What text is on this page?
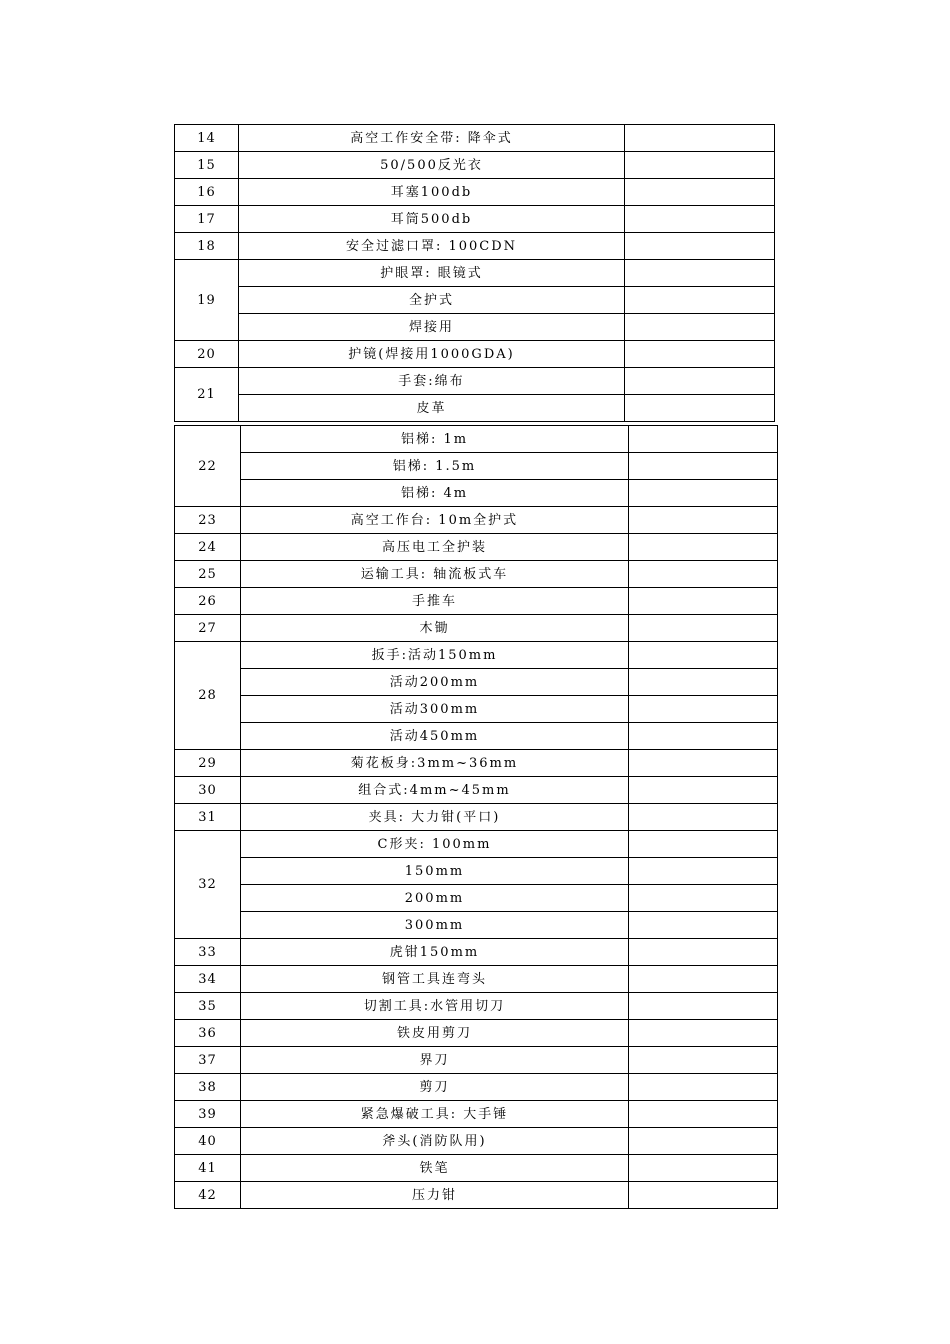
14	高空工作安全带: 降伞式	
15	50/500反光衣	
16	耳塞100db	
17	耳筒500db	
18	安全过滤口罩: 100CDN	
19	护眼罩: 眼镜式	
	全护式	
	焊接用	
20	护镜(焊接用1000GDA)	
21	手套:绵布	
	皮革	
22	铝梯: 1m	
	铝梯: 1.5m	
	铝梯: 4m	
23	高空工作台: 10m全护式	
24	高压电工全护装	
25	运输工具: 轴流板式车	
26	手推车	
27	木锄	
28	扳手:活动150mm	
	活动200mm	
	活动300mm	
	活动450mm	
29	菊花板身:3mm~36mm	
30	组合式:4mm~45mm	
31	夹具: 大力钳(平口)	
32	C形夹: 100mm	
	150mm	
	200mm	
	300mm	
33	虎钳150mm	
34	钢管工具连弯头	
35	切割工具:水管用切刀	
36	铁皮用剪刀	
37	界刀	
38	剪刀	
39	紧急爆破工具: 大手锤	
40	斧头(消防队用)	
41	铁笔	
42	压力钳	
